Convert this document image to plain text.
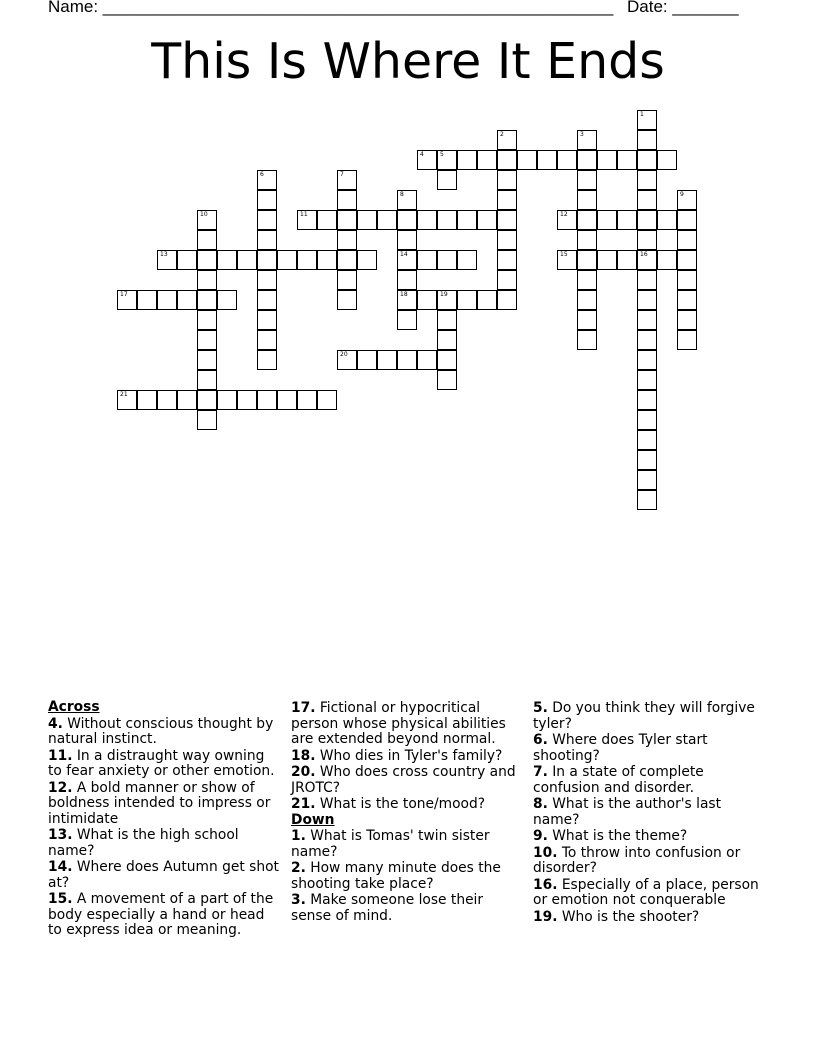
Name: ______________________________________________________ Date: _______
This Is Where It Ends
4	5
11	12
13	14	15	16
17	18	19
20
21
1
2	3
6	7
8	9
10
Across
4. Without conscious thought by natural instinct.
11. In a distraught way owning to fear anxiety or other emotion.
12. A bold manner or show of boldness intended to impress or intimidate
13. What is the high school name?
14. Where does Autumn get shot at?
15. A movement of a part of the body especially a hand or head to express idea or meaning.
17. Fictional or hypocritical person whose physical abilities are extended beyond normal.
18. Who dies in Tyler's family?
20. Who does cross country and JROTC?
21. What is the tone/mood?
Down
1. What is Tomas' twin sister name?
2. How many minute does the shooting take place?
3. Make someone lose their sense of mind.
5. Do you think they will forgive tyler?
6. Where does Tyler start shooting?
7. In a state of complete confusion and disorder.
8. What is the author's last name?
9. What is the theme?
10. To throw into confusion or disorder?
16. Especially of a place, person or emotion not conquerable
19. Who is the shooter?
